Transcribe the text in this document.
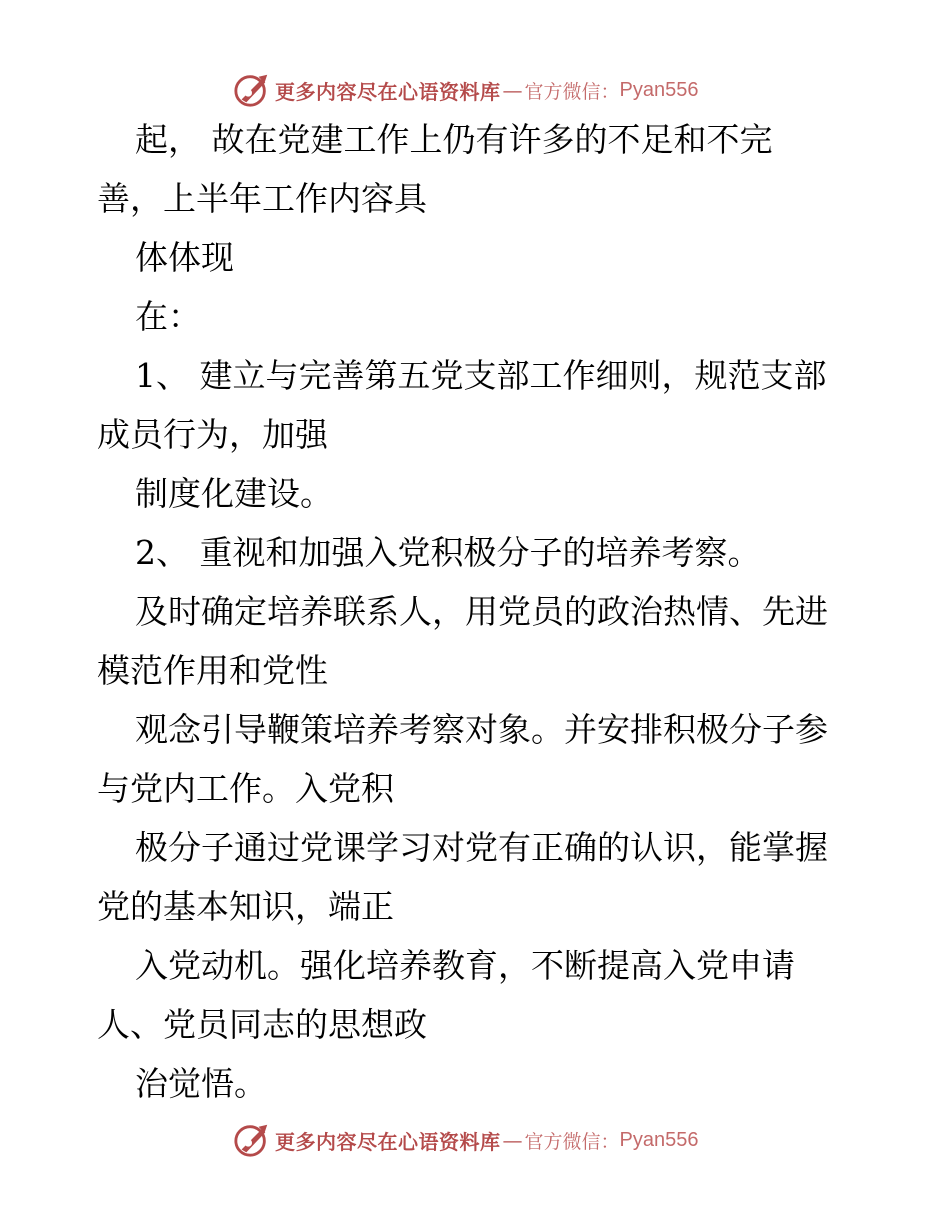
更多内容尽在心语资料库 — 官方微信： Pyan556
起， 故在党建工作上仍有许多的不足和不完
善，上半年工作内容具
体体现
在：
1、 建立与完善第五党支部工作细则，规范支部
成员行为，加强
制度化建设。
2、 重视和加强入党积极分子的培养考察。
及时确定培养联系人，用党员的政治热情、先进
模范作用和党性
观念引导鞭策培养考察对象。并安排积极分子参
与党内工作。入党积
极分子通过党课学习对党有正确的认识，能掌握
党的基本知识，端正
入党动机。强化培养教育，不断提高入党申请
人、党员同志的思想政
治觉悟。
更多内容尽在心语资料库 — 官方微信： Pyan556
